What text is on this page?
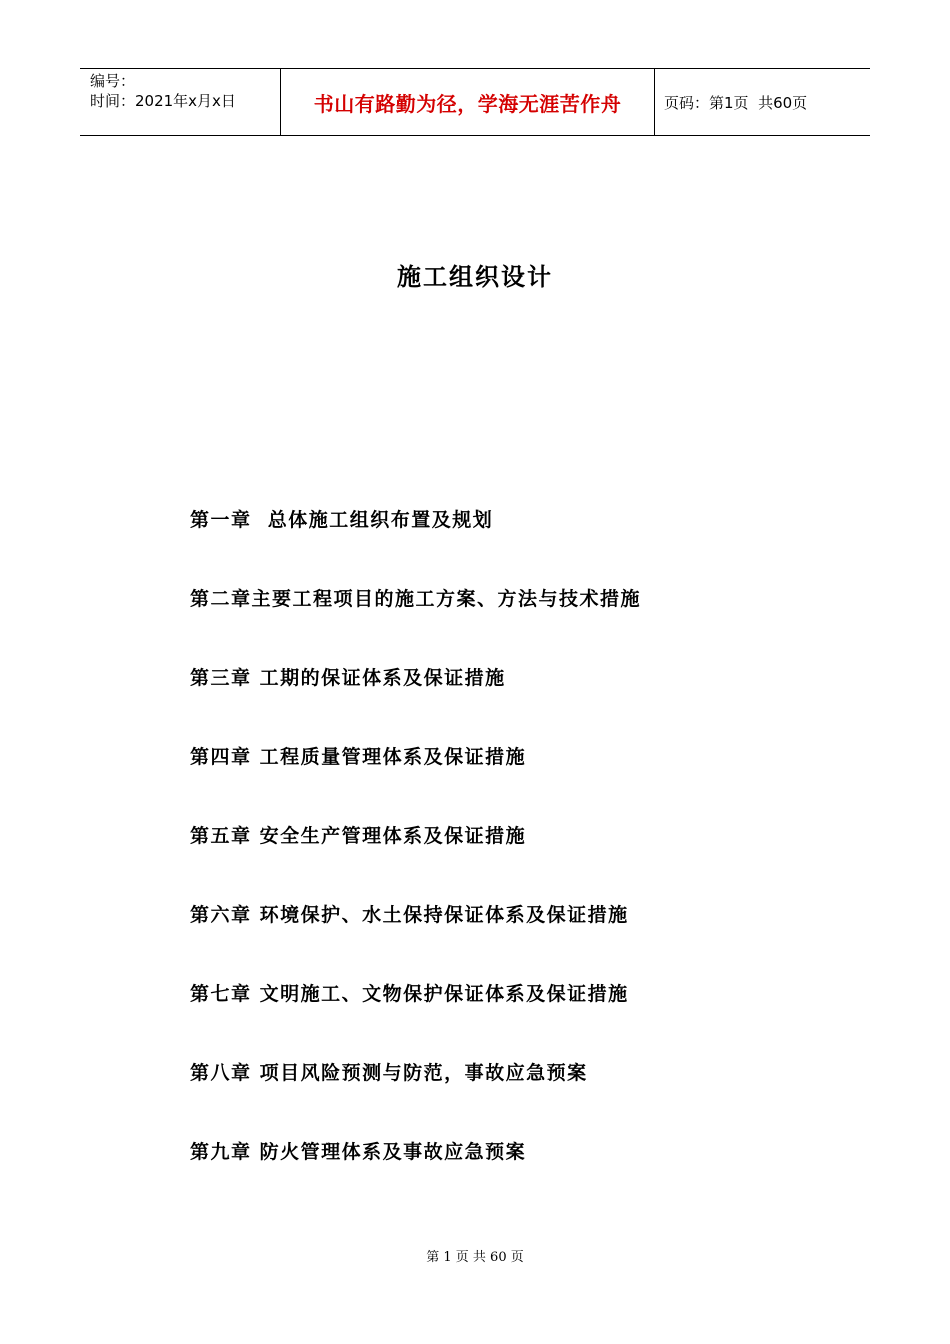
编号：
时间：2021年x月x日	书山有路勤为径，学海无涯苦作舟	页码：第1页  共60页
施工组织设计
第一章  总体施工组织布置及规划
第二章主要工程项目的施工方案、方法与技术措施
第三章 工期的保证体系及保证措施
第四章 工程质量管理体系及保证措施
第五章 安全生产管理体系及保证措施
第六章 环境保护、水土保持保证体系及保证措施
第七章 文明施工、文物保护保证体系及保证措施
第八章 项目风险预测与防范，事故应急预案
第九章 防火管理体系及事故应急预案
第 1 页 共 60 页
